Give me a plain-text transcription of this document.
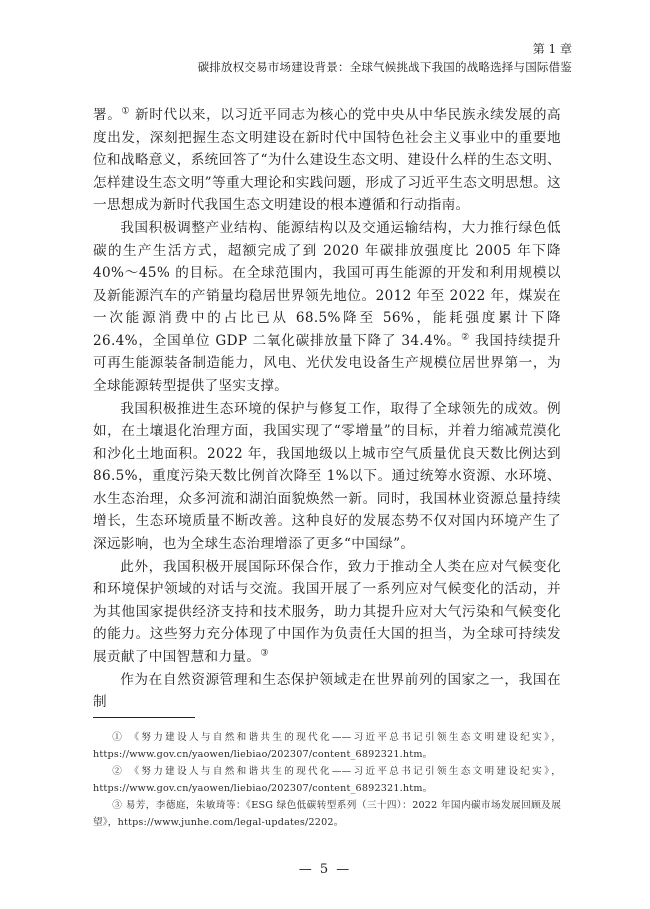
第 1 章
碳排放权交易市场建设背景：全球气候挑战下我国的战略选择与国际借鉴

署。① 新时代以来，以习近平同志为核心的党中央从中华民族永续发展的高度出发，深刻把握生态文明建设在新时代中国特色社会主义事业中的重要地位和战略意义，系统回答了“为什么建设生态文明、建设什么样的生态文明、怎样建设生态文明”等重大理论和实践问题，形成了习近平生态文明思想。这一思想成为新时代我国生态文明建设的根本遵循和行动指南。

我国积极调整产业结构、能源结构以及交通运输结构，大力推行绿色低碳的生产生活方式，超额完成了到 2020 年碳排放强度比 2005 年下降 40%～45% 的目标。在全球范围内，我国可再生能源的开发和利用规模以及新能源汽车的产销量均稳居世界领先地位。2012 年至 2022 年，煤炭在一次能源消费中的占比已从 68.5%降至 56%，能耗强度累计下降 26.4%，全国单位 GDP 二氧化碳排放量下降了 34.4%。② 我国持续提升可再生能源装备制造能力，风电、光伏发电设备生产规模位居世界第一，为全球能源转型提供了坚实支撑。

我国积极推进生态环境的保护与修复工作，取得了全球领先的成效。例如，在土壤退化治理方面，我国实现了“零增量”的目标，并着力缩减荒漠化和沙化土地面积。2022 年，我国地级以上城市空气质量优良天数比例达到 86.5%，重度污染天数比例首次降至 1%以下。通过统筹水资源、水环境、水生态治理，众多河流和湖泊面貌焕然一新。同时，我国林业资源总量持续增长，生态环境质量不断改善。这种良好的发展态势不仅对国内环境产生了深远影响，也为全球生态治理增添了更多“中国绿”。

此外，我国积极开展国际环保合作，致力于推动全人类在应对气候变化和环境保护领域的对话与交流。我国开展了一系列应对气候变化的活动，并为其他国家提供经济支持和技术服务，助力其提升应对大气污染和气候变化的能力。这些努力充分体现了中国作为负责任大国的担当，为全球可持续发展贡献了中国智慧和力量。③

作为在自然资源管理和生态保护领域走在世界前列的国家之一，我国在制

① 《努力建设人与自然和谐共生的现代化——习近平总书记引领生态文明建设纪实》，https://www.gov.cn/yaowen/liebiao/202307/content_6892321.htm。

② 《努力建设人与自然和谐共生的现代化——习近平总书记引领生态文明建设纪实》，https://www.gov.cn/yaowen/liebiao/202307/content_6892321.htm。

③ 易芳，李德庭，朱敏琦等：《ESG 绿色低碳转型系列（三十四）：2022 年国内碳市场发展回顾及展望》，https://www.junhe.com/legal-updates/2202。

— 5 —
